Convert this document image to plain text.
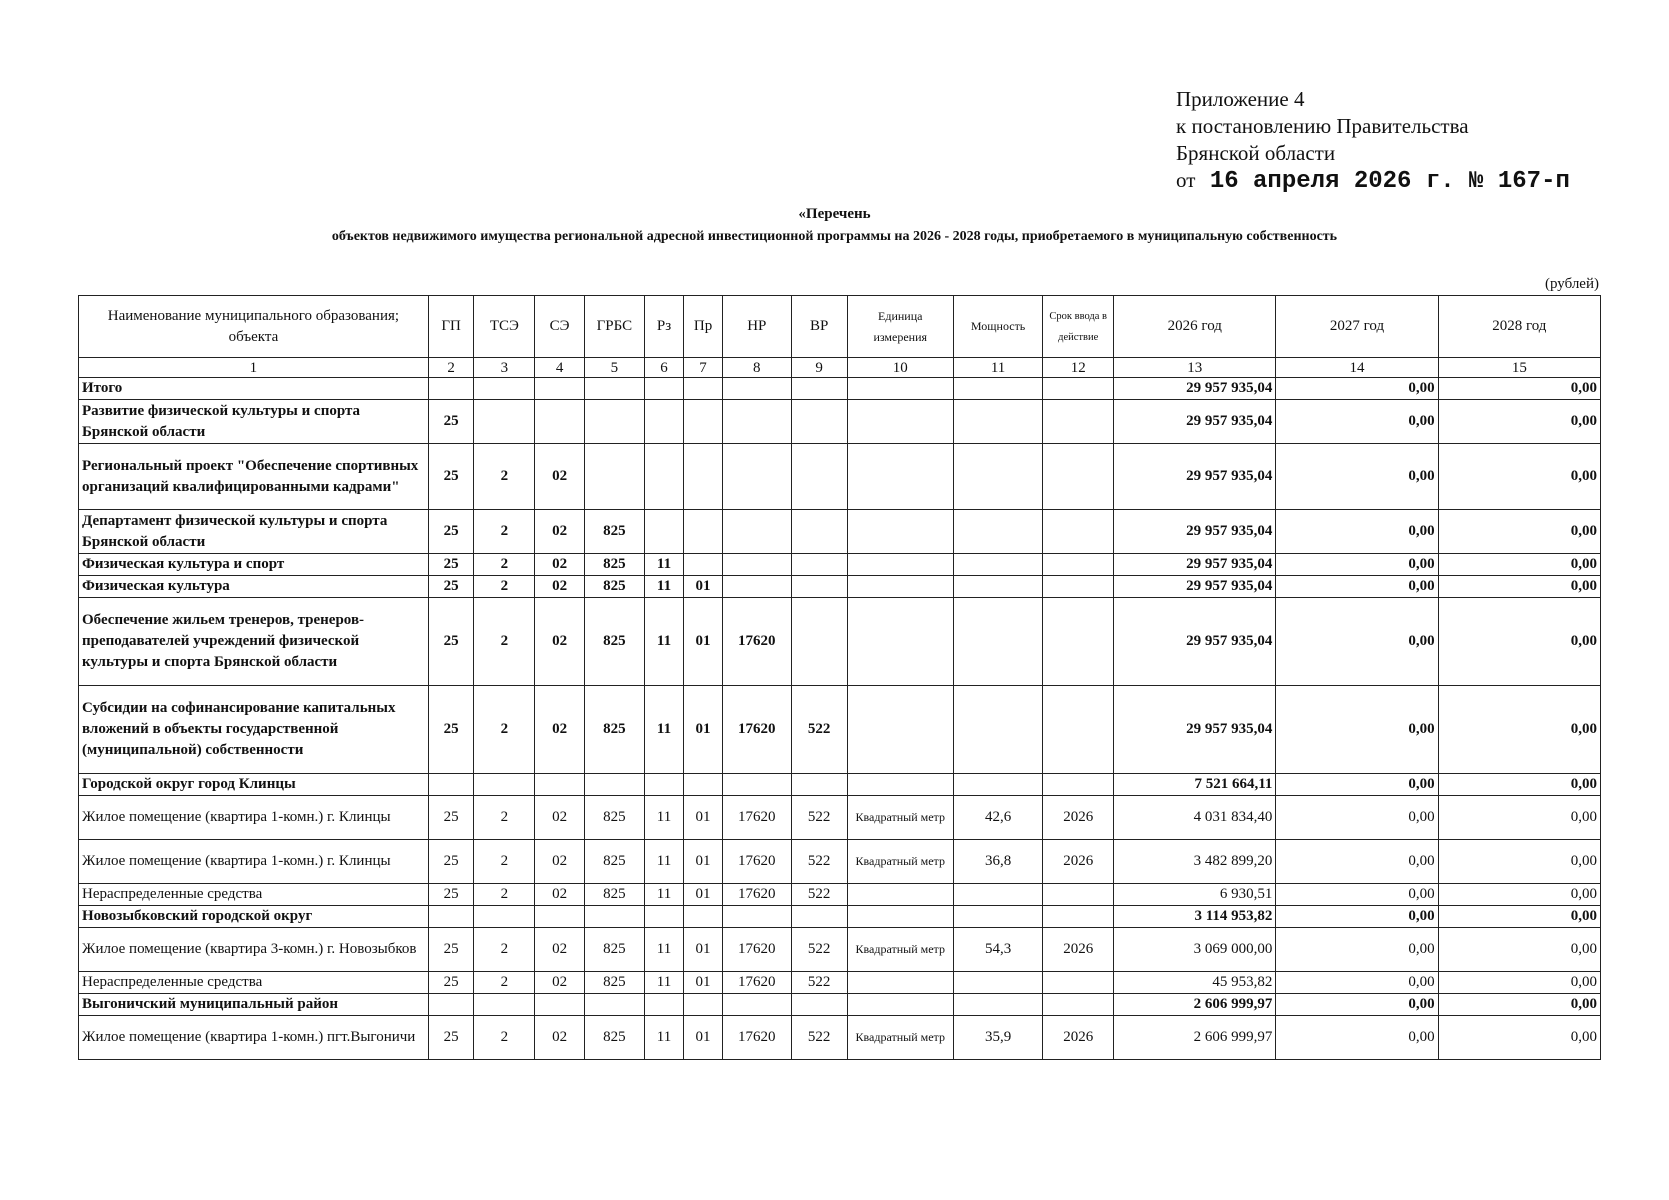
Приложение 4
к постановлению Правительства
Брянской области
от 16 апреля 2026 г. № 167-п
«Перечень
объектов недвижимого имущества региональной адресной инвестиционной программы на 2026 - 2028 годы, приобретаемого в муниципальную собственность
(рублей)
Наименование муниципального образования; объекта	ГП	ТСЭ	СЭ	ГРБС	Рз	Пр	НР	ВР	Единица измерения	Мощность	Срок ввода в действие	2026 год	2027 год	2028 год
1	2	3	4	5	6	7	8	9	10	11	12	13	14	15
Итого												29 957 935,04	0,00	0,00
Развитие физической культуры и спорта Брянской области	25											29 957 935,04	0,00	0,00
Региональный проект "Обеспечение спортивных организаций квалифицированными кадрами"	25	2	02									29 957 935,04	0,00	0,00
Департамент физической культуры и спорта Брянской области	25	2	02	825								29 957 935,04	0,00	0,00
Физическая культура и спорт	25	2	02	825	11							29 957 935,04	0,00	0,00
Физическая культура	25	2	02	825	11	01						29 957 935,04	0,00	0,00
Обеспечение жильем тренеров, тренеров-преподавателей учреждений физической культуры и спорта Брянской области	25	2	02	825	11	01	17620					29 957 935,04	0,00	0,00
Субсидии на софинансирование капитальных вложений в объекты государственной (муниципальной) собственности	25	2	02	825	11	01	17620	522				29 957 935,04	0,00	0,00
Городской округ город Клинцы												7 521 664,11	0,00	0,00
Жилое помещение (квартира 1-комн.) г. Клинцы	25	2	02	825	11	01	17620	522	Квадратный метр	42,6	2026	4 031 834,40	0,00	0,00
Жилое помещение (квартира 1-комн.) г. Клинцы	25	2	02	825	11	01	17620	522	Квадратный метр	36,8	2026	3 482 899,20	0,00	0,00
Нераспределенные средства	25	2	02	825	11	01	17620	522				6 930,51	0,00	0,00
Новозыбковский городской округ												3 114 953,82	0,00	0,00
Жилое помещение (квартира 3-комн.) г. Новозыбков	25	2	02	825	11	01	17620	522	Квадратный метр	54,3	2026	3 069 000,00	0,00	0,00
Нераспределенные средства	25	2	02	825	11	01	17620	522				45 953,82	0,00	0,00
Выгоничский муниципальный район												2 606 999,97	0,00	0,00
Жилое помещение (квартира 1-комн.) пгт.Выгоничи	25	2	02	825	11	01	17620	522	Квадратный метр	35,9	2026	2 606 999,97	0,00	0,00
